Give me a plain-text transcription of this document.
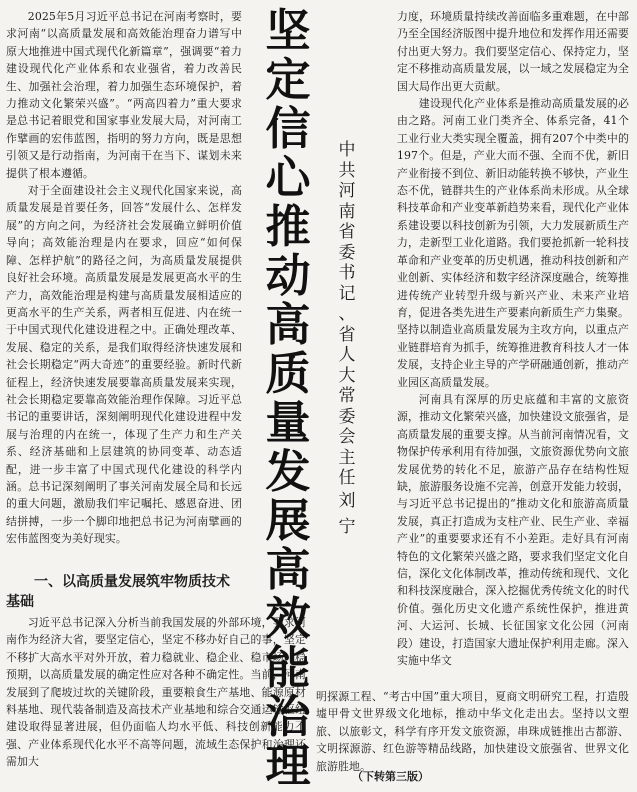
2025年5月习近平总书记在河南考察时，要求河南“以高质量发展和高效能治理奋力谱写中原大地推进中国式现代化新篇章”，强调要“着力建设现代化产业体系和农业强省，着力改善民生、加强社会治理，着力加强生态环境保护，着力推动文化繁荣兴盛”。“两高四着力”重大要求是总书记着眼党和国家事业发展大局，对河南工作擘画的宏伟蓝图，指明的努力方向，既是思想引领又是行动指南，为河南干在当下、谋划未来提供了根本遵循。

对于全面建设社会主义现代化国家来说，高质量发展是首要任务，回答“发展什么、怎样发展”的方向之问，为经济社会发展确立鲜明价值导向；高效能治理是内在要求，回应“如何保障、怎样护航”的路径之问，为高质量发展提供良好社会环境。高质量发展是发展更高水平的生产力，高效能治理是构建与高质量发展相适应的更高水平的生产关系，两者相互促进、内在统一于中国式现代化建设进程之中。正确处理改革、发展、稳定的关系，是我们取得经济快速发展和社会长期稳定“两大奇迹”的重要经验。新时代新征程上，经济快速发展要靠高质量发展来实现，社会长期稳定要靠高效能治理作保障。习近平总书记的重要讲话，深刻阐明现代化建设进程中发展与治理的内在统一，体现了生产力和生产关系、经济基础和上层建筑的协同变革、动态适配，进一步丰富了中国式现代化建设的科学内涵。总书记深刻阐明了事关河南发展全局和长远的重大问题，激励我们牢记嘱托、感恩奋进、团结拼搏，一步一个脚印地把总书记为河南擘画的宏伟蓝图变为美好现实。

一、以高质量发展筑牢物质技术基础

习近平总书记深入分析当前我国发展的外部环境，要求河南作为经济大省，要坚定信心，坚定不移办好自己的事，坚定不移扩大高水平对外开放，着力稳就业、稳企业、稳市场、稳预期，以高质量发展的确定性应对各种不确定性。当前，河南发展到了爬坡过坎的关键阶段，重要粮食生产基地、能源原材料基地、现代装备制造及高技术产业基地和综合交通运输枢纽建设取得显著进展，但仍面临人均水平低、科技创新能力不强、产业体系现代化水平不高等问题，流域生态保护和治理还需加大

坚
定
信
心
推
动
高
质
量
发
展
高
效
能
治
理
中
共
河
南
省
委
书
记
、
省
人
大
常
委
会
主
任
刘
宁

力度，环境质量持续改善面临多重难题，在中部乃至全国经济版图中提升地位和发挥作用还需要付出更大努力。我们要坚定信心、保持定力，坚定不移推动高质量发展，以一域之发展稳定为全国大局作出更大贡献。

建设现代化产业体系是推动高质量发展的必由之路。河南工业门类齐全、体系完备，41个工业行业大类实现全覆盖，拥有207个中类中的197个。但是，产业大而不强、全而不优，新旧产业衔接不到位、新旧动能转换不够快，产业生态不优，链群共生的产业体系尚未形成。从全球科技革命和产业变革新趋势来看，现代化产业体系建设要以科技创新为引领，大力发展新质生产力，走新型工业化道路。我们要抢抓新一轮科技革命和产业变革的历史机遇，推动科技创新和产业创新、实体经济和数字经济深度融合，统筹推进传统产业转型升级与新兴产业、未来产业培育，促进各类先进生产要素向新质生产力集聚。坚持以制造业高质量发展为主攻方向，以重点产业链群培育为抓手，统筹推进教育科技人才一体发展，支持企业主导的产学研融通创新，推动产业园区高质量发展。

河南具有深厚的历史底蕴和丰富的文旅资源，推动文化繁荣兴盛，加快建设文旅强省，是高质量发展的重要支撑。从当前河南情况看，文物保护传承利用有待加强，文旅资源优势向文旅发展优势的转化不足，旅游产品存在结构性短缺，旅游服务设施不完善，创意开发能力较弱，与习近平总书记提出的“推动文化和旅游高质量发展，真正打造成为支柱产业、民生产业、幸福产业”的重要要求还有不小差距。走好具有河南特色的文化繁荣兴盛之路，要求我们坚定文化自信，深化文化体制改革，推动传统和现代、文化和科技深度融合，深入挖掘优秀传统文化的时代价值。强化历史文化遗产系统性保护，推进黄河、大运河、长城、长征国家文化公园（河南段）建设，打造国家大遗址保护利用走廊。深入实施中华文

明探源工程、“考古中国”重大项目，夏商文明研究工程，打造殷墟甲骨文世界级文化地标，推动中华文化走出去。坚持以文塑旅、以旅彰文，科学有序开发文旅资源，串珠成链推出古都游、文明探源游、红色游等精品线路，加快建设文旅强省、世界文化旅游胜地。

（下转第三版）
